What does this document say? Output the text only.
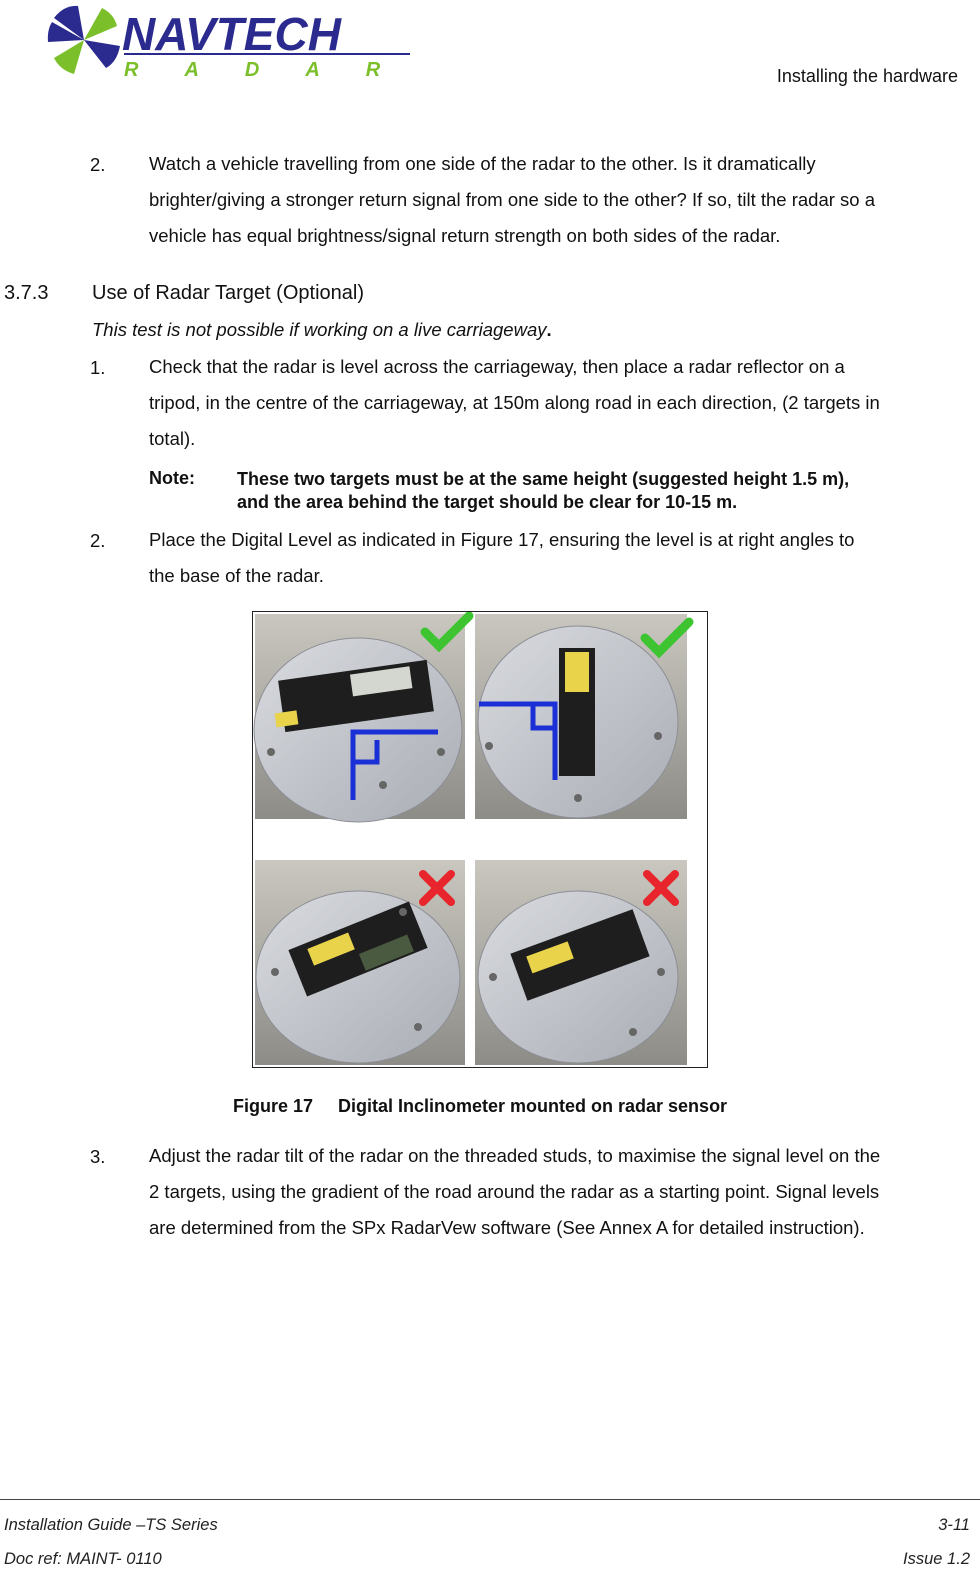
NAVTECH
RADAR	Installing the hardware
2. Watch a vehicle travelling from one side of the radar to the other. Is it dramatically
brighter/giving a stronger return signal from one side to the other? If so, tilt the radar so a
vehicle has equal brightness/signal return strength on both sides of the radar.
3.7.3 Use of Radar Target (Optional)
This test is not possible if working on a live carriageway.
1. Check that the radar is level across the carriageway, then place a radar reflector on a
tripod, in the centre of the carriageway, at 150m along road in each direction, (2 targets in
total).
Note: These two targets must be at the same height (suggested height 1.5 m),
and the area behind the target should be clear for 10-15 m.
2. Place the Digital Level as indicated in Figure 17, ensuring the level is at right angles to
the base of the radar.
Figure 17 Digital Inclinometer mounted on radar sensor
3. Adjust the radar tilt of the radar on the threaded studs, to maximise the signal level on the
2 targets, using the gradient of the road around the radar as a starting point. Signal levels
are determined from the SPx RadarVew software (See Annex A for detailed instruction).
Installation Guide –TS Series	3-11
Doc ref: MAINT- 0110	Issue 1.2
